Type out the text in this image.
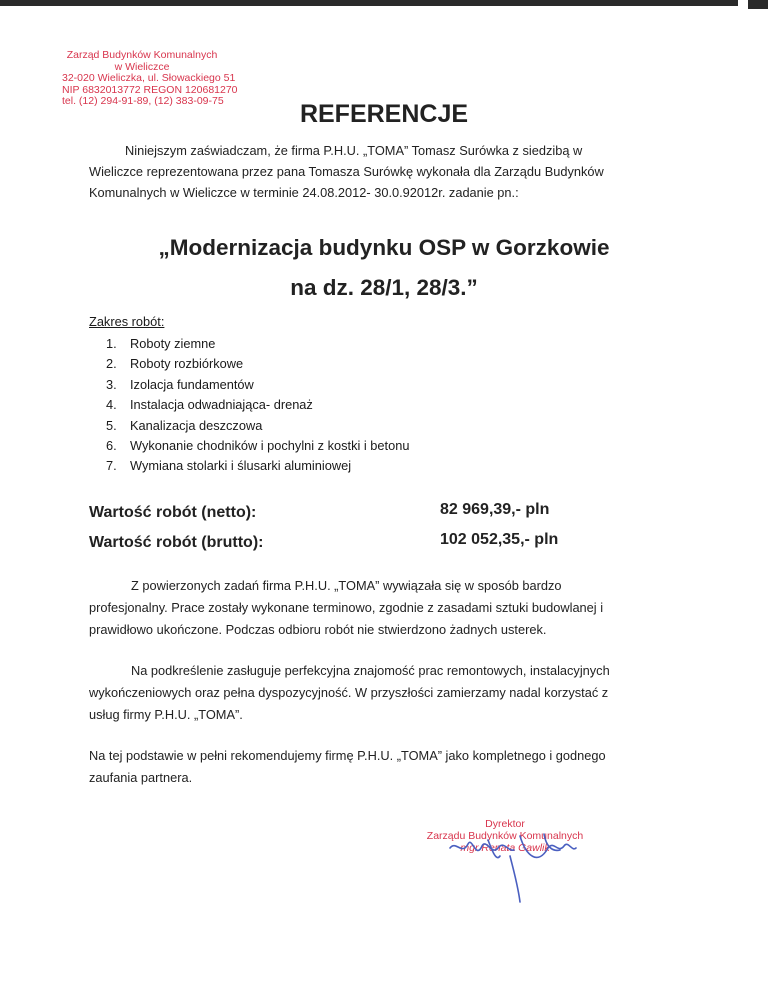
Zarząd Budynków Komunalnych
w Wieliczce
32-020 Wieliczka, ul. Słowackiego 51
NIP 6832013772 REGON 120681270
tel. (12) 294-91-89, (12) 383-09-75	REFERENCJE
Niniejszym zaświadczam, że firma P.H.U. „TOMA” Tomasz Surówka z siedzibą w
Wieliczce reprezentowana przez pana Tomasza Surówkę wykonała dla Zarządu Budynków
Komunalnych w Wieliczce w terminie 24.08.2012- 30.0.92012r. zadanie pn.:
„Modernizacja budynku OSP w Gorzkowie
na dz. 28/1, 28/3.”
Zakres robót:
1. Roboty ziemne
2. Roboty rozbiórkowe
3. Izolacja fundamentów
4. Instalacja odwadniająca- drenaż
5. Kanalizacja deszczowa
6. Wykonanie chodników i pochylni z kostki i betonu
7. Wymiana stolarki i ślusarki aluminiowej
Wartość robót (netto):	82 969,39,- pln
Wartość robót (brutto):	102 052,35,- pln
Z powierzonych zadań firma P.H.U. „TOMA” wywiązała się w sposób bardzo
profesjonalny. Prace zostały wykonane terminowo, zgodnie z zasadami sztuki budowlanej i
prawidłowo ukończone. Podczas odbioru robót nie stwierdzono żadnych usterek.
Na podkreślenie zasługuje perfekcyjna znajomość prac remontowych, instalacyjnych
wykończeniowych oraz pełna dyspozycyjność. W przyszłości zamierzamy nadal korzystać z
usług firmy P.H.U. „TOMA”.
Na tej podstawie w pełni rekomendujemy firmę P.H.U. „TOMA” jako kompletnego i godnego
zaufania partnera.
Dyrektor
Zarządu Budynków Komunalnych
mgr Renata Gawlik
